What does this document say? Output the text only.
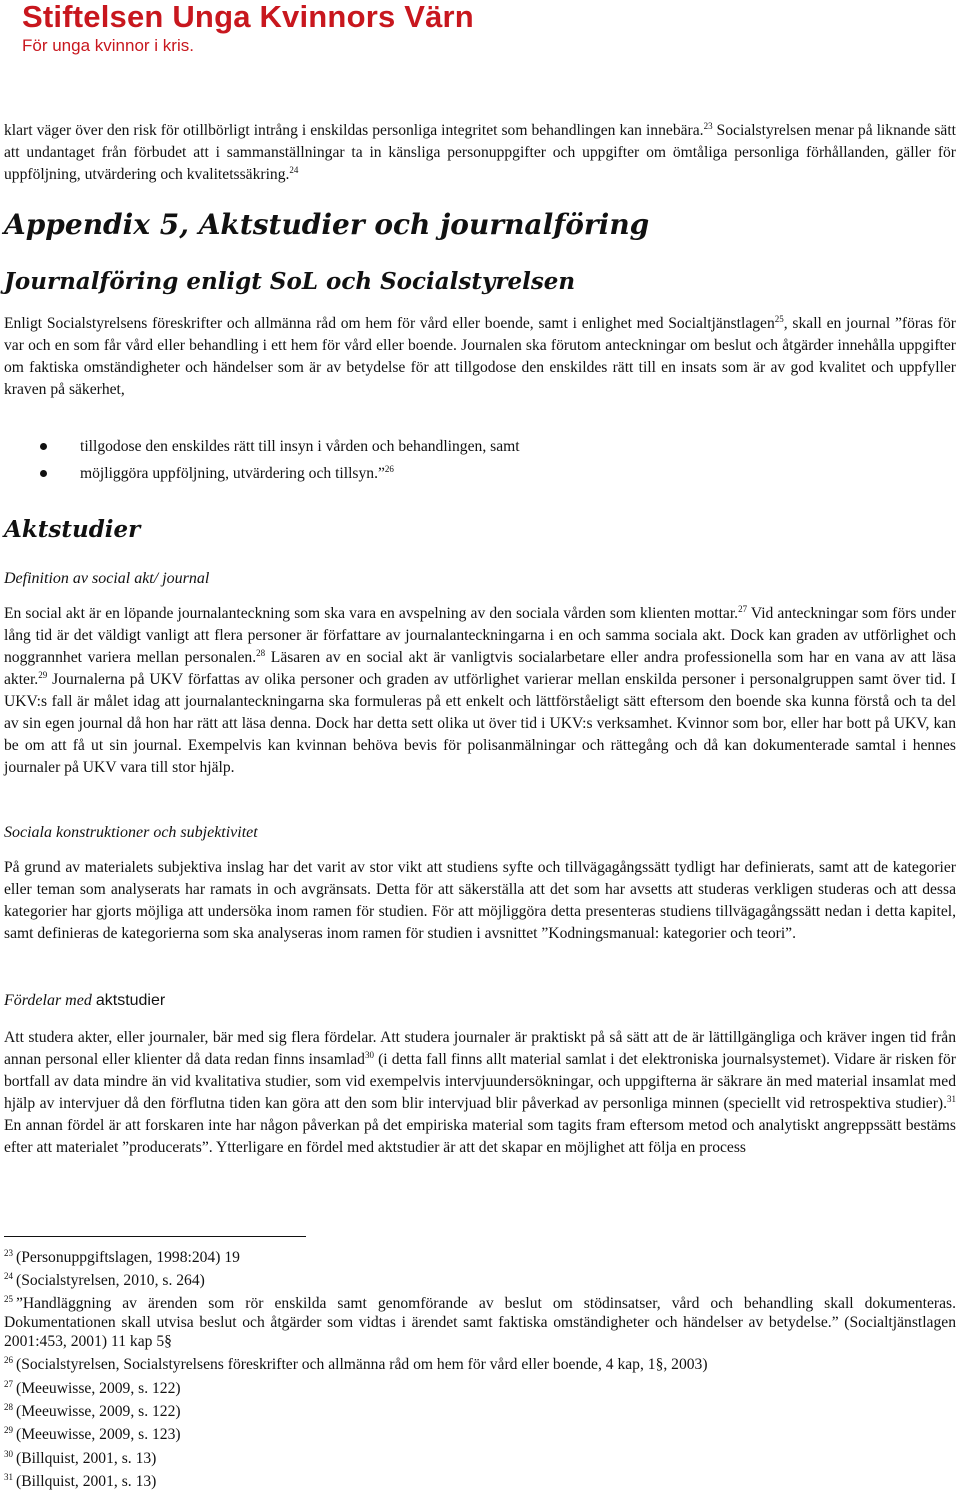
Stiftelsen Unga Kvinnors Värn
För unga kvinnor i kris.
klart väger över den risk för otillbörligt intrång i enskildas personliga integritet som behandlingen kan innebära.$^{23}$ Socialstyrelsen menar på liknande sätt att undantaget från förbudet att i sammanställningar ta in känsliga personuppgifter och uppgifter om ömtåliga personliga förhållanden, gäller för uppföljning, utvärdering och kvalitetssäkring.$^{24}$
Appendix 5, Aktstudier och journalföring
Journalföring enligt SoL och Socialstyrelsen
Enligt Socialstyrelsens föreskrifter och allmänna råd om hem för vård eller boende, samt i enlighet med Socialtjänstlagen$^{25}$, skall en journal ”föras för var och en som får vård eller behandling i ett hem för vård eller boende. Journalen ska förutom anteckningar om beslut och åtgärder innehålla uppgifter om faktiska omständigheter och händelser som är av betydelse för att tillgodose den enskildes rätt till en insats som är av god kvalitet och uppfyller kraven på säkerhet,
tillgodose den enskildes rätt till insyn i vården och behandlingen, samt
möjliggöra uppföljning, utvärdering och tillsyn.”$^{26}$
Aktstudier
Definition av social akt/ journal
En social akt är en löpande journalanteckning som ska vara en avspelning av den sociala vården som klienten mottar.$^{27}$ Vid anteckningar som förs under lång tid är det väldigt vanligt att flera personer är författare av journalanteckningarna i en och samma sociala akt. Dock kan graden av utförlighet och noggrannhet variera mellan personalen.$^{28}$ Läsaren av en social akt är vanligtvis socialarbetare eller andra professionella som har en vana av att läsa akter.$^{29}$ Journalerna på UKV författas av olika personer och graden av utförlighet varierar mellan enskilda personer i personalgruppen samt över tid. I UKV:s fall är målet idag att journalanteckningarna ska formuleras på ett enkelt och lättförståeligt sätt eftersom den boende ska kunna förstå och ta del av sin egen journal då hon har rätt att läsa denna. Dock har detta sett olika ut över tid i UKV:s verksamhet. Kvinnor som bor, eller har bott på UKV, kan be om att få ut sin journal. Exempelvis kan kvinnan behöva bevis för polisanmälningar och rättegång och då kan dokumenterade samtal i hennes journaler på UKV vara till stor hjälp.
Sociala konstruktioner och subjektivitet
På grund av materialets subjektiva inslag har det varit av stor vikt att studiens syfte och tillvägagångssätt tydligt har definierats, samt att de kategorier eller teman som analyserats har ramats in och avgränsats. Detta för att säkerställa att det som har avsetts att studeras verkligen studeras och att dessa kategorier har gjorts möjliga att undersöka inom ramen för studien. För att möjliggöra detta presenteras studiens tillvägagångssätt nedan i detta kapitel, samt definieras de kategorierna som ska analyseras inom ramen för studien i avsnittet ”Kodningsmanual: kategorier och teori”.
Fördelar med aktstudier
Att studera akter, eller journaler, bär med sig flera fördelar. Att studera journaler är praktiskt på så sätt att de är lättillgängliga och kräver ingen tid från annan personal eller klienter då data redan finns insamlad$^{30}$ (i detta fall finns allt material samlat i det elektroniska journalsystemet). Vidare är risken för bortfall av data mindre än vid kvalitativa studier, som vid exempelvis intervjuundersökningar, och uppgifterna är säkrare än med material insamlat med hjälp av intervjuer då den förflutna tiden kan göra att den som blir intervjuad blir påverkad av personliga minnen (speciellt vid retrospektiva studier).$^{31}$ En annan fördel är att forskaren inte har någon påverkan på det empiriska material som tagits fram eftersom metod och analytiskt angreppssätt bestäms efter att materialet ”producerats”. Ytterligare en fördel med aktstudier är att det skapar en möjlighet att följa en process
$^{23}$ (Personuppgiftslagen, 1998:204) 19
$^{24}$ (Socialstyrelsen, 2010, s. 264)
$^{25}$ ”Handläggning av ärenden som rör enskilda samt genomförande av beslut om stödinsatser, vård och behandling skall dokumenteras. Dokumentationen skall utvisa beslut och åtgärder som vidtas i ärendet samt faktiska omständigheter och händelser av betydelse.” (Socialtjänstlagen 2001:453, 2001) 11 kap 5§
$^{26}$ (Socialstyrelsen, Socialstyrelsens föreskrifter och allmänna råd om hem för vård eller boende, 4 kap, 1§, 2003)
$^{27}$ (Meeuwisse, 2009, s. 122)
$^{28}$ (Meeuwisse, 2009, s. 122)
$^{29}$ (Meeuwisse, 2009, s. 123)
$^{30}$ (Billquist, 2001, s. 13)
$^{31}$ (Billquist, 2001, s. 13)
